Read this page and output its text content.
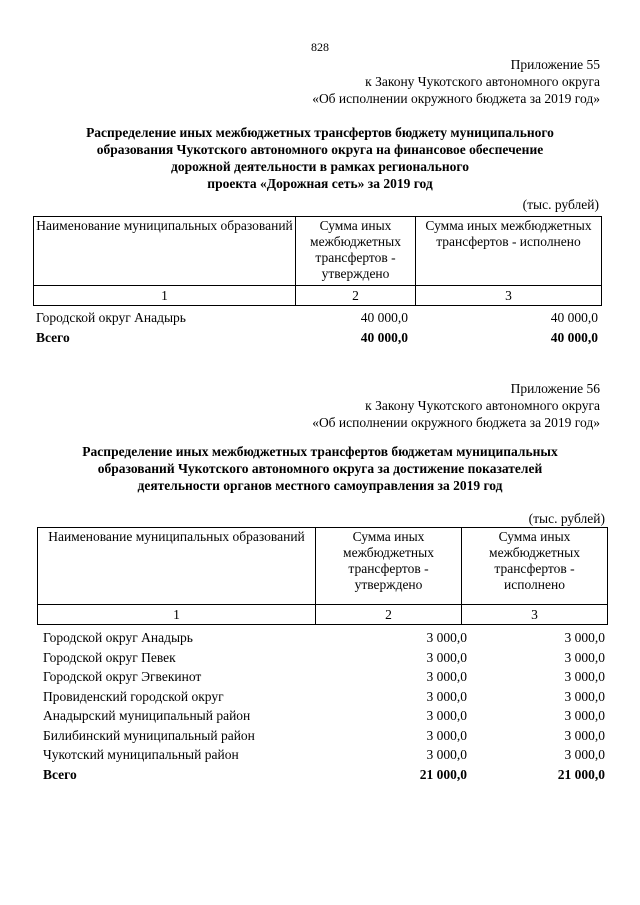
828
Приложение 55
к Закону Чукотского автономного округа
«Об исполнении окружного бюджета за 2019 год»
Распределение иных межбюджетных трансфертов бюджету муниципального
образования Чукотского автономного округа на финансовое обеспечение
дорожной деятельности в рамках регионального
проекта «Дорожная сеть» за 2019 год
(тыс. рублей)
Наименование муниципальных образований	Сумма иных межбюджетных трансфертов - утверждено	Сумма иных межбюджетных трансфертов - исполнено
1	2	3
Городской округ Анадырь	40 000,0	40 000,0
Всего	40 000,0	40 000,0
Приложение 56
к Закону Чукотского автономного округа
«Об исполнении окружного бюджета за 2019 год»
Распределение иных межбюджетных трансфертов бюджетам муниципальных
образований Чукотского автономного округа за достижение показателей
деятельности органов местного самоуправления за 2019 год
(тыс. рублей)
Наименование муниципальных образований	Сумма иных межбюджетных трансфертов - утверждено	Сумма иных межбюджетных трансфертов - исполнено
1	2	3
Городской округ Анадырь	3 000,0	3 000,0
Городской округ Певек	3 000,0	3 000,0
Городской округ Эгвекинот	3 000,0	3 000,0
Провиденский городской округ	3 000,0	3 000,0
Анадырский муниципальный район	3 000,0	3 000,0
Билибинский муниципальный район	3 000,0	3 000,0
Чукотский муниципальный район	3 000,0	3 000,0
Всего	21 000,0	21 000,0
